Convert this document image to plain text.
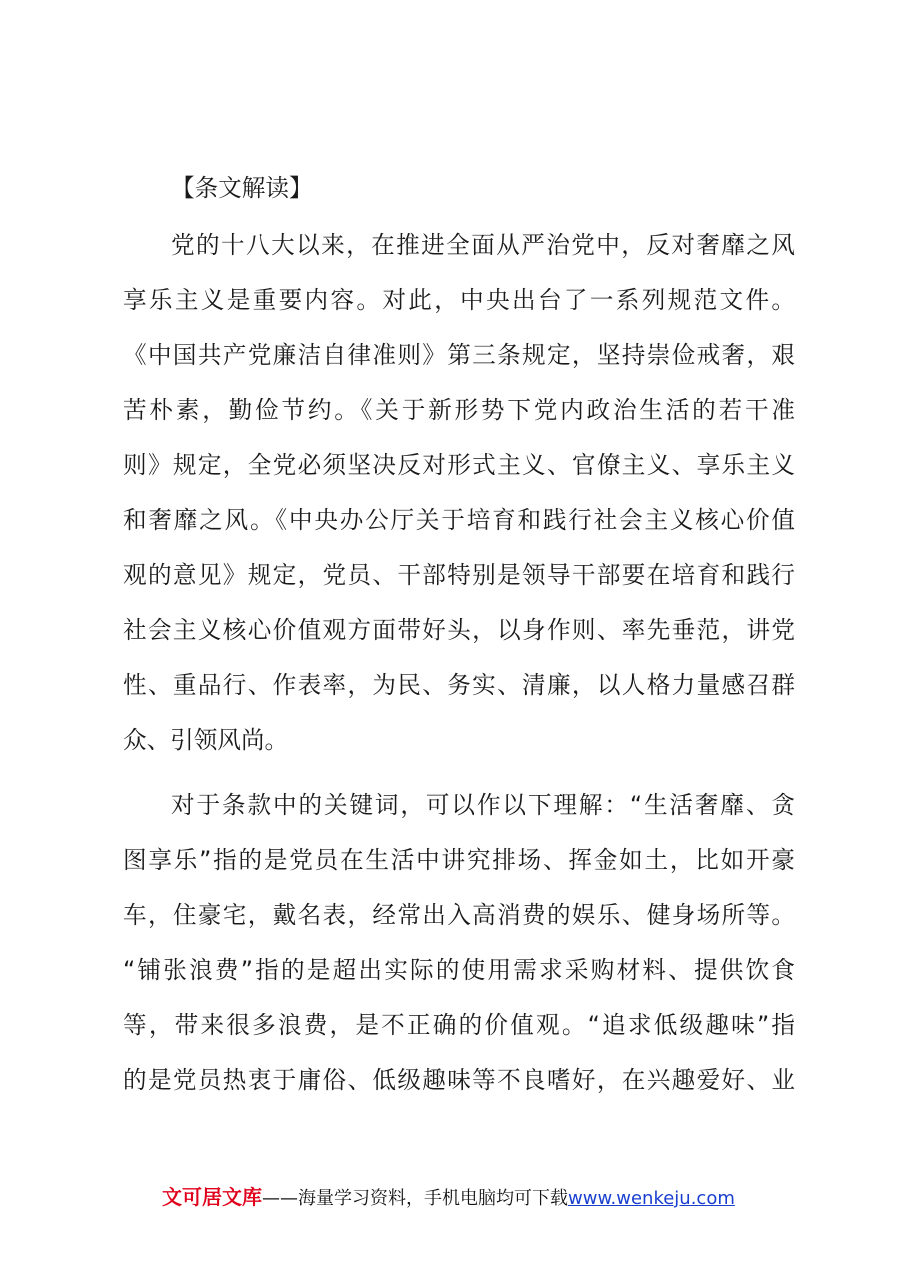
【条文解读】
党的十八大以来，在推进全面从严治党中，反对奢靡之风
享乐主义是重要内容。对此，中央出台了一系列规范文件。
《中国共产党廉洁自律准则》第三条规定，坚持崇俭戒奢，艰
苦朴素，勤俭节约。《关于新形势下党内政治生活的若干准
则》规定，全党必须坚决反对形式主义、官僚主义、享乐主义
和奢靡之风。《中央办公厅关于培育和践行社会主义核心价值
观的意见》规定，党员、干部特别是领导干部要在培育和践行
社会主义核心价值观方面带好头，以身作则、率先垂范，讲党
性、重品行、作表率，为民、务实、清廉，以人格力量感召群
众、引领风尚。
对于条款中的关键词，可以作以下理解：“生活奢靡、贪
图享乐”指的是党员在生活中讲究排场、挥金如土，比如开豪
车，住豪宅，戴名表，经常出入高消费的娱乐、健身场所等。
“铺张浪费”指的是超出实际的使用需求采购材料、提供饮食
等，带来很多浪费，是不正确的价值观。“追求低级趣味”指
的是党员热衷于庸俗、低级趣味等不良嗜好，在兴趣爱好、业
文可居文库——海量学习资料，手机电脑均可下载www.wenkeju.com
